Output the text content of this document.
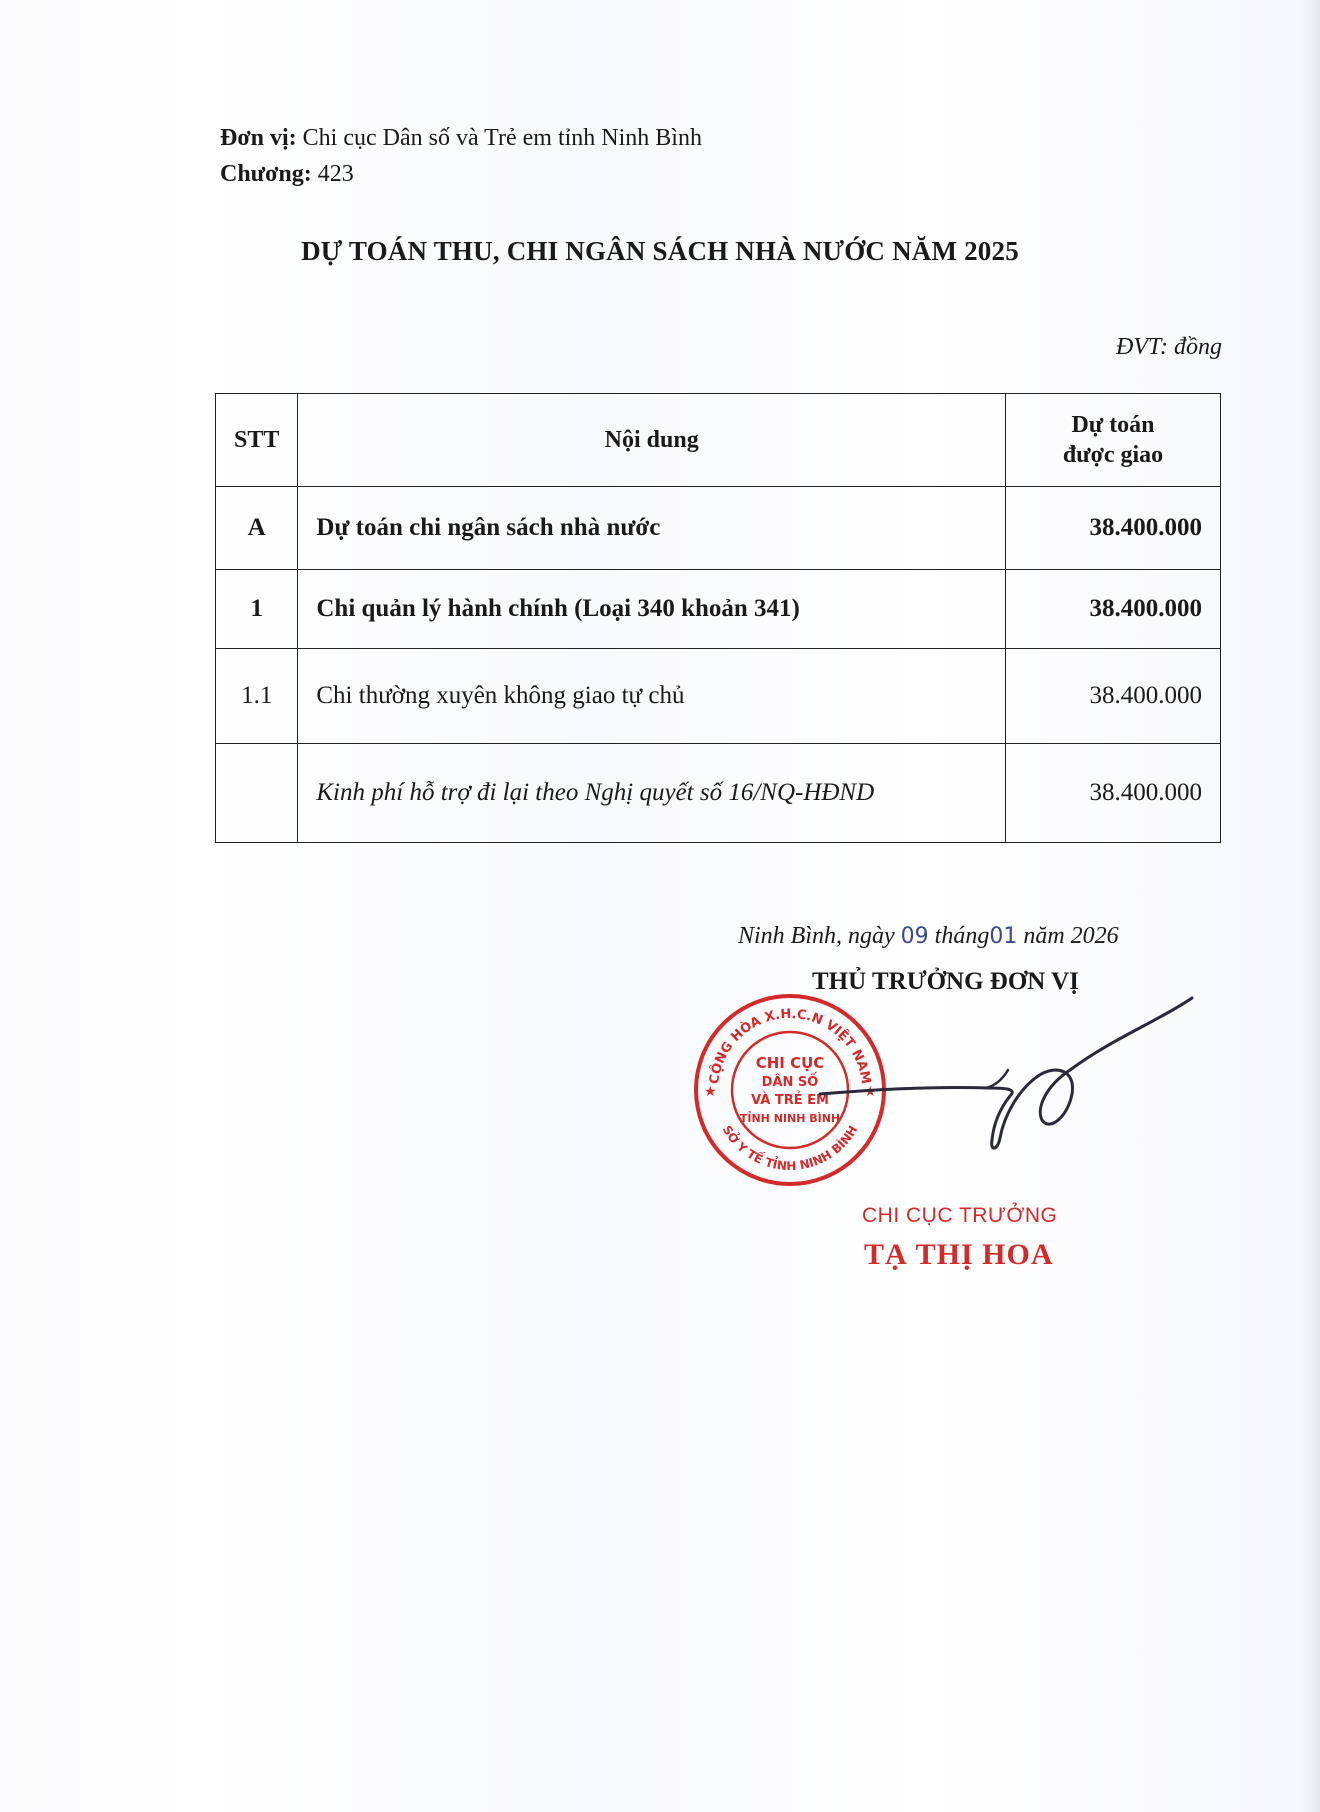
Đơn vị: Chi cục Dân số và Trẻ em tỉnh Ninh Bình
Chương: 423
DỰ TOÁN THU, CHI NGÂN SÁCH NHÀ NƯỚC NĂM 2025
ĐVT: đồng
STT	Nội dung	Dự toán
được giao
A	Dự toán chi ngân sách nhà nước	38.400.000
1	Chi quản lý hành chính (Loại 340 khoản 341)	38.400.000
1.1	Chi thường xuyên không giao tự chủ	38.400.000
	Kinh phí hỗ trợ đi lại theo Nghị quyết số 16/NQ-HĐND	38.400.000
Ninh Bình, ngày 09 tháng01 năm 2026
THỦ TRƯỞNG ĐƠN VỊ
CỘNG HÒA X.H.C.N VIỆT NAM
SỞ Y TẾ TỈNH NINH BÌNH
★	★
CHI CỤC
DÂN SỐ
VÀ TRẺ EM
TỈNH NINH BÌNH
CHI CỤC TRƯỞNG
TẠ THỊ HOA
